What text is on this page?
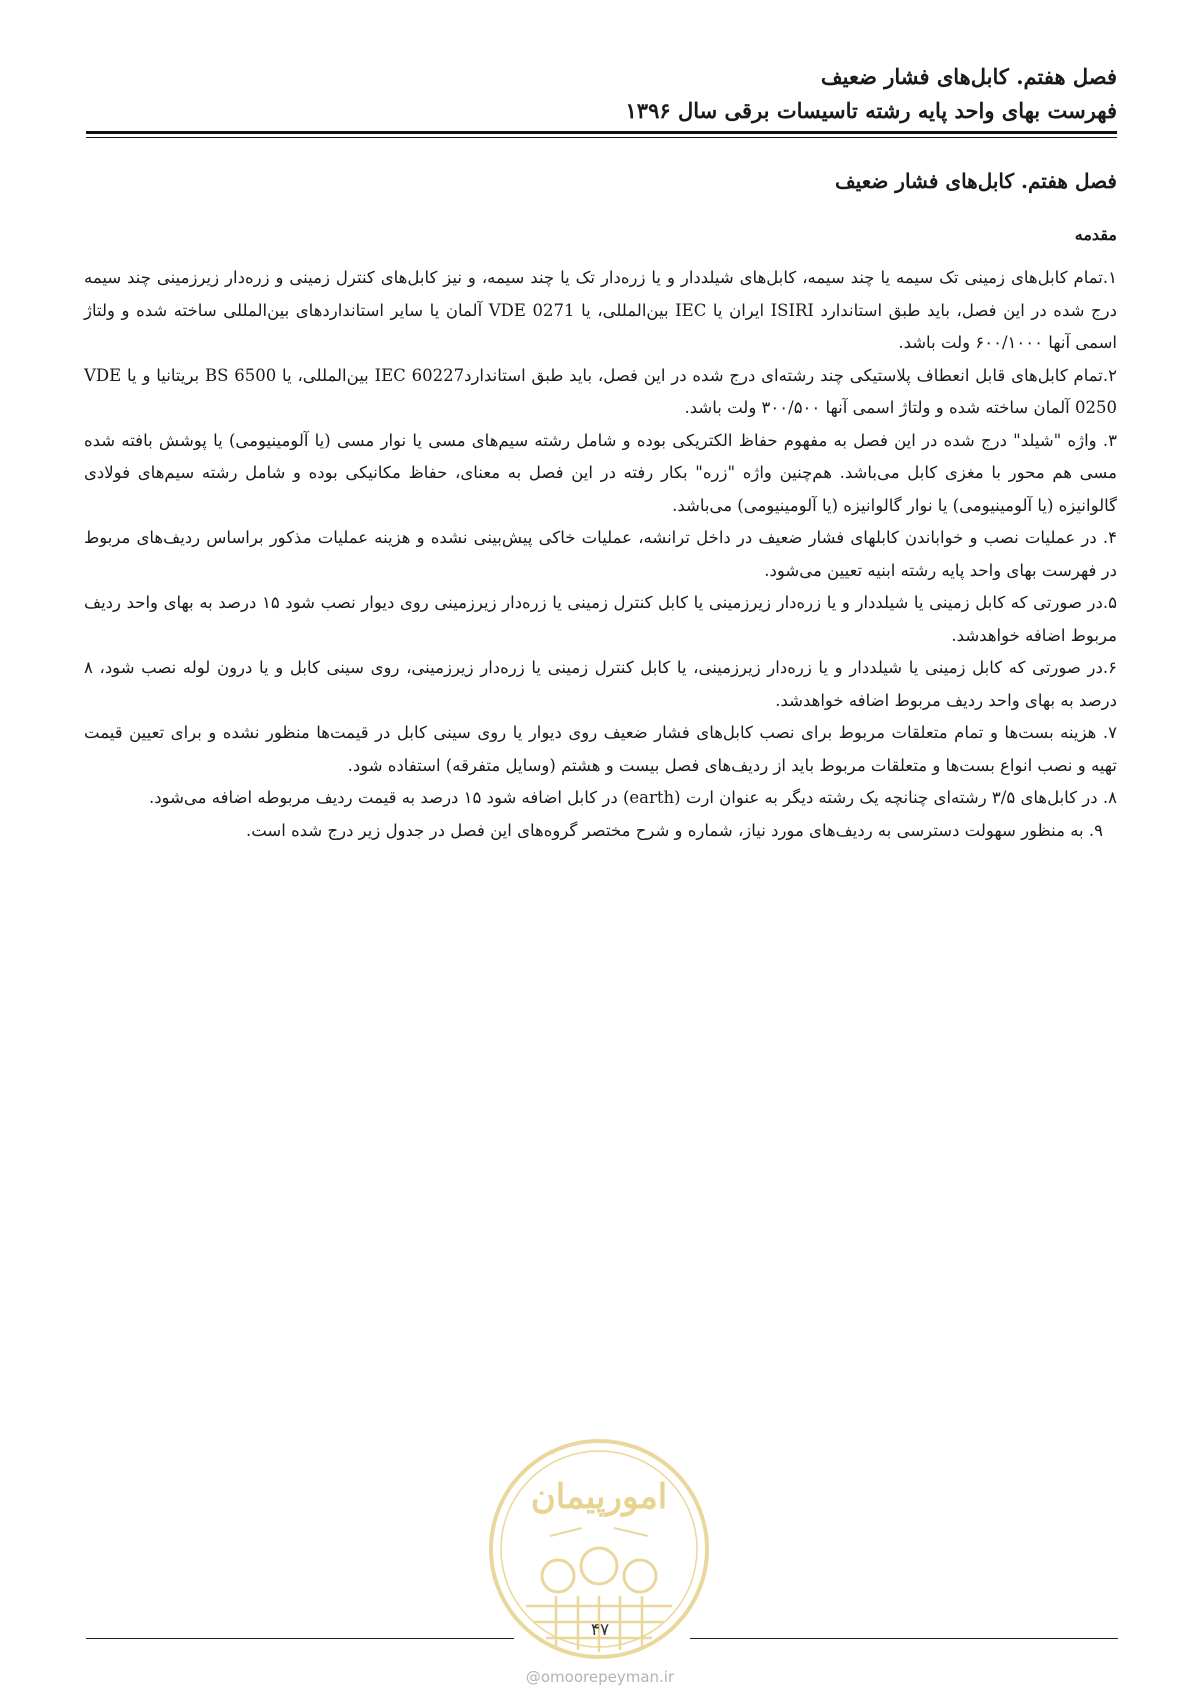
فصل هفتم. کابل‌های فشار ضعیف
فهرست بهای واحد پایه رشته تاسیسات برقی سال ۱۳۹۶
فصل هفتم. کابل‌های فشار ضعیف
مقدمه

۱.تمام کابل‌های زمینی تک سیمه یا چند سیمه، کابل‌های شیلددار و یا زره‌دار تک یا چند سیمه، و نیز کابل‌های کنترل زمینی و زره‌دار زیرزمینی چند سیمه درج شده در این فصل، باید طبق استاندارد ISIRI ایران یا IEC بین‌المللی، یا VDE 0271 آلمان یا سایر استانداردهای بین‌المللی ساخته شده و ولتاژ اسمی آنها ۶۰۰/۱۰۰۰ ولت باشد.

۲.تمام کابل‌های قابل انعطاف پلاستیکی چند رشته‌ای درج شده در این فصل، باید طبق استانداردIEC 60227 بین‌المللی، یا BS 6500 بریتانیا و یا VDE 0250 آلمان ساخته شده و ولتاژ اسمی آنها ۳۰۰/۵۰۰ ولت باشد.

۳. واژه "شیلد" درج شده در این فصل به مفهوم حفاظ الکتریکی بوده و شامل رشته سیم‌های مسی یا نوار مسی (یا آلومینیومی) یا پوشش بافته شده مسی هم محور با مغزی کابل می‌باشد. هم‌چنین واژه "زره" بکار رفته در این فصل به معنای، حفاظ مکانیکی بوده و شامل رشته سیم‌های فولادی گالوانیزه (یا آلومینیومی) یا نوار گالوانیزه (یا آلومینیومی) می‌باشد.

۴. در عملیات نصب و خواباندن کابلهای فشار ضعیف در داخل ترانشه، عملیات خاکی پیش‌بینی نشده و هزینه عملیات مذکور براساس ردیف‌های مربوط در فهرست بهای واحد پایه رشته ابنیه تعیین می‌شود.

۵.در صورتی که کابل زمینی یا شیلددار و یا زره‌دار زیرزمینی یا کابل کنترل زمینی یا زره‌دار زیرزمینی روی دیوار نصب شود ۱۵ درصد به بهای واحد ردیف مربوط اضافه خواهدشد.

۶.در صورتی که کابل زمینی یا شیلددار و یا زره‌دار زیرزمینی، یا کابل کنترل زمینی یا زره‌دار زیرزمینی، روی سینی کابل و یا درون لوله نصب شود، ۸ درصد به بهای واحد ردیف مربوط اضافه خواهدشد.

۷. هزینه بست‌ها و تمام متعلقات مربوط برای نصب کابل‌های فشار ضعیف روی دیوار یا روی سینی کابل در قیمت‌ها منظور نشده و برای تعیین قیمت تهیه و نصب انواع بست‌ها و متعلقات مربوط باید از ردیف‌های فصل بیست و هشتم (وسایل متفرقه) استفاده شود.

۸. در کابل‌های ۳/۵ رشته‌ای چنانچه یک رشته دیگر به عنوان ارت (earth) در کابل اضافه شود ۱۵ درصد به قیمت ردیف مربوطه اضافه می‌شود.

۹. به منظور سهولت دسترسی به ردیف‌های مورد نیاز، شماره و شرح مختصر گروه‌های این فصل در جدول زیر درج شده است.

امورپیمان
۴۷
@omoorepeyman.ir
